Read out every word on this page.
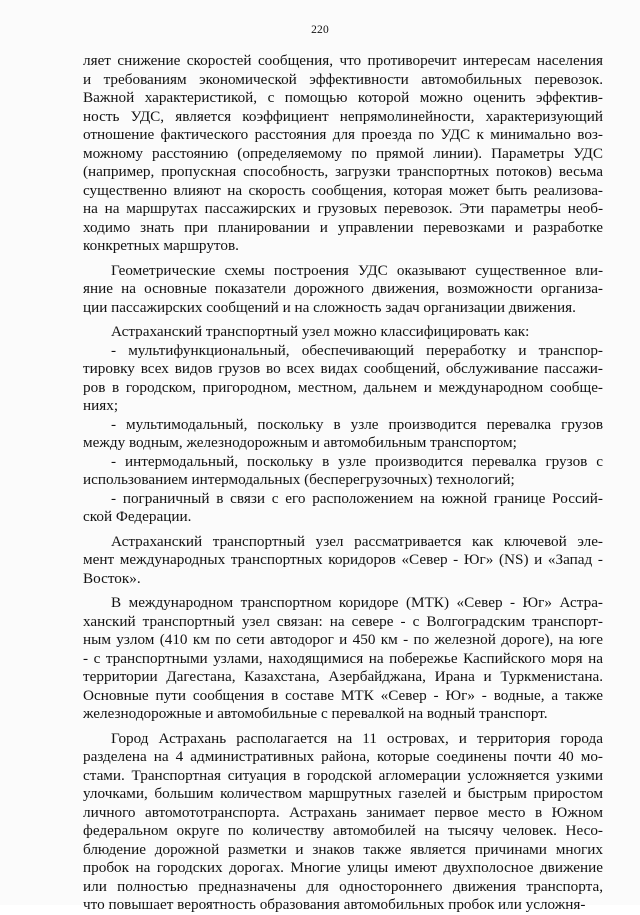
220
ляет снижение скоростей сообщения, что противоречит интересам населения
и требованиям экономической эффективности автомобильных перевозок.
Важной характеристикой, с помощью которой можно оценить эффектив-
ность УДС, является коэффициент непрямолинейности, характеризующий
отношение фактического расстояния для проезда по УДС к минимально воз-
можному расстоянию (определяемому по прямой линии). Параметры УДС
(например, пропускная способность, загрузки транспортных потоков) весьма
существенно влияют на скорость сообщения, которая может быть реализова-
на на маршрутах пассажирских и грузовых перевозок. Эти параметры необ-
ходимо знать при планировании и управлении перевозками и разработке
конкретных маршрутов.
Геометрические схемы построения УДС оказывают существенное вли-
яние на основные показатели дорожного движения, возможности организа-
ции пассажирских сообщений и на сложность задач организации движения.
Астраханский транспортный узел можно классифицировать как:
- мультифункциональный, обеспечивающий переработку и транспор-
тировку всех видов грузов во всех видах сообщений, обслуживание пассажи-
ров в городском, пригородном, местном, дальнем и международном сообще-
ниях;
- мультимодальный, поскольку в узле производится перевалка грузов
между водным, железнодорожным и автомобильным транспортом;
- интермодальный, поскольку в узле производится перевалка грузов с
использованием интермодальных (бесперегрузочных) технологий;
- пограничный в связи с его расположением на южной границе Россий-
ской Федерации.
Астраханский транспортный узел рассматривается как ключевой эле-
мент международных транспортных коридоров «Север - Юг» (NS) и «Запад -
Восток».
В международном транспортном коридоре (МТК) «Север - Юг» Астра-
ханский транспортный узел связан: на севере - с Волгоградским транспорт-
ным узлом (410 км по сети автодорог и 450 км - по железной дороге), на юге
- с транспортными узлами, находящимися на побережье Каспийского моря на
территории Дагестана, Казахстана, Азербайджана, Ирана и Туркменистана.
Основные пути сообщения в составе МТК «Север - Юг» - водные, а также
железнодорожные и автомобильные с перевалкой на водный транспорт.
Город Астрахань располагается на 11 островах, и территория города
разделена на 4 административных района, которые соединены почти 40 мо-
стами. Транспортная ситуация в городской агломерации усложняется узкими
улочками, большим количеством маршрутных газелей и быстрым приростом
личного автомототранспорта. Астрахань занимает первое место в Южном
федеральном округе по количеству автомобилей на тысячу человек. Несо-
блюдение дорожной разметки и знаков также является причинами многих
пробок на городских дорогах. Многие улицы имеют двухполосное движение
или полностью предназначены для одностороннего движения транспорта,
что повышает вероятность образования автомобильных пробок или усложня-
